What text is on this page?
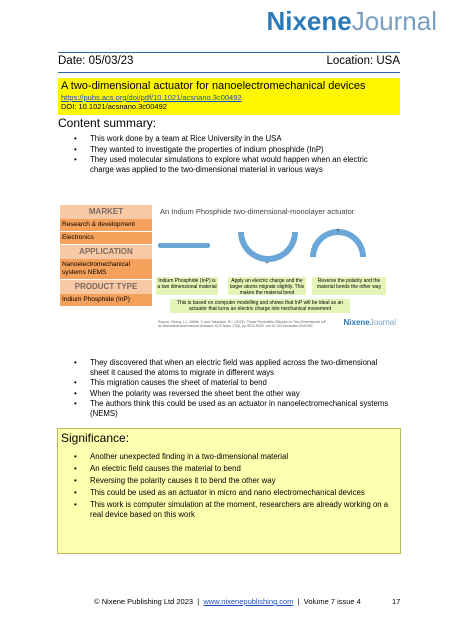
NixeneJournal
Date: 05/03/23	Location: USA
A two-dimensional actuator for nanoelectromechanical devices
https://pubs.acs.org/doi/pdf/10.1021/acsnano.3c00492
DOI: 10.1021/acsnano.3c00492
Content summary:
• This work done by a team at Rice University in the USA
• They wanted to investigate the properties of indium phosphide (InP)
• They used molecular simulations to explore what would happen when an electric charge was applied to the two-dimensional material in various ways
MARKET
Research & development
Electronics
APPLICATION
Nanoelectromechanical systems NEMS
PRODUCT TYPE
Indium Phosphide (InP)
An Indium Phosphide two-dimensional-monolayer actuator
-
+
+
-
Indium Phosphide (InP) is a two dimensional material
Apply an electric charge and the larger atoms migrate slightly. This makes the material bend
Reverse the polarity and the material bends the other way
This is based on computer modelling and shows that InP will be ideal as an actuator that turns an electric charge into mechanical movement
Source: Zhang, L.L. Abbitt, Y. and Yakobson, B.I. (2023). Phase Reversible Diffusion in Two-Dimensional InP as Nanoelectromechanical Actuator. ACS Nano 17(5), pp.5012-5020. doi:10.1021/acsnano.3c00492	NixeneJournal
• They discovered that when an electric field was applied across the two-dimensional sheet it caused the atoms to migrate in different ways
• This migration causes the sheet of material to bend
• When the polarity was reversed the sheet bent the other way
• The authors think this could be used as an actuator in nanoelectromechanical systems (NEMS)
Significance:
• Another unexpected finding in a two-dimensional material
• An electric field causes the material to bend
• Reversing the polarity causes it to bend the other way
• This could be used as an actuator in micro and nano electromechanical devices
• This work is computer simulation at the moment, researchers are already working on a real device based on this work
© Nixene Publishing Ltd 2023 | www.nixenepublishing.com | Volume 7 issue 4	17
